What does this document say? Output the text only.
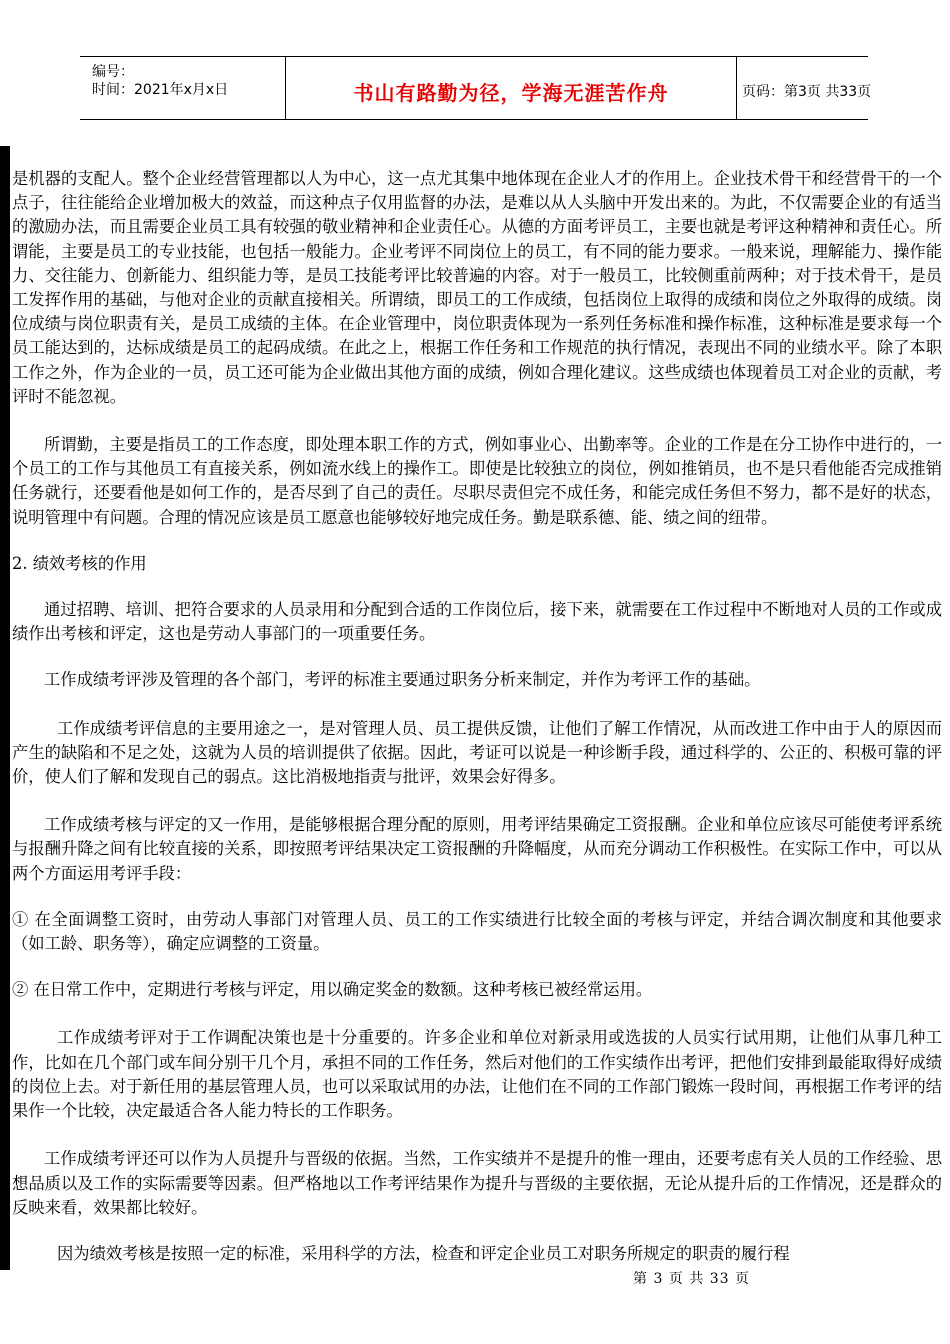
编号：
时间：2021年x月x日	书山有路勤为径，学海无涯苦作舟	页码：第3页 共33页

是机器的支配人。整个企业经营管理都以人为中心，这一点尤其集中地体现在企业人才的作用上。企业技术骨干和经营骨干的一个点子，往往能给企业增加极大的效益，而这种点子仅用监督的办法，是难以从人头脑中开发出来的。为此，不仅需要企业的有适当的激励办法，而且需要企业员工具有较强的敬业精神和企业责任心。从德的方面考评员工，主要也就是考评这种精神和责任心。所谓能，主要是员工的专业技能，也包括一般能力。企业考评不同岗位上的员工，有不同的能力要求。一般来说，理解能力、操作能力、交往能力、创新能力、组织能力等，是员工技能考评比较普遍的内容。对于一般员工，比较侧重前两种；对于技术骨干，是员工发挥作用的基础，与他对企业的贡献直接相关。所谓绩，即员工的工作成绩，包括岗位上取得的成绩和岗位之外取得的成绩。岗位成绩与岗位职责有关，是员工成绩的主体。在企业管理中，岗位职责体现为一系列任务标准和操作标准，这种标准是要求每一个员工能达到的，达标成绩是员工的起码成绩。在此之上，根据工作任务和工作规范的执行情况，表现出不同的业绩水平。除了本职工作之外，作为企业的一员，员工还可能为企业做出其他方面的成绩，例如合理化建议。这些成绩也体现着员工对企业的贡献，考评时不能忽视。

所谓勤，主要是指员工的工作态度，即处理本职工作的方式，例如事业心、出勤率等。企业的工作是在分工协作中进行的，一个员工的工作与其他员工有直接关系，例如流水线上的操作工。即使是比较独立的岗位，例如推销员，也不是只看他能否完成推销任务就行，还要看他是如何工作的，是否尽到了自己的责任。尽职尽责但完不成任务，和能完成任务但不努力，都不是好的状态，说明管理中有问题。合理的情况应该是员工愿意也能够较好地完成任务。勤是联系德、能、绩之间的纽带。

2. 绩效考核的作用

通过招聘、培训、把符合要求的人员录用和分配到合适的工作岗位后，接下来，就需要在工作过程中不断地对人员的工作或成绩作出考核和评定，这也是劳动人事部门的一项重要任务。

工作成绩考评涉及管理的各个部门，考评的标准主要通过职务分析来制定，并作为考评工作的基础。

工作成绩考评信息的主要用途之一，是对管理人员、员工提供反馈，让他们了解工作情况，从而改进工作中由于人的原因而产生的缺陷和不足之处，这就为人员的培训提供了依据。因此，考证可以说是一种诊断手段，通过科学的、公正的、积极可靠的评价，使人们了解和发现自己的弱点。这比消极地指责与批评，效果会好得多。

工作成绩考核与评定的又一作用，是能够根据合理分配的原则，用考评结果确定工资报酬。企业和单位应该尽可能使考评系统与报酬升降之间有比较直接的关系，即按照考评结果决定工资报酬的升降幅度，从而充分调动工作积极性。在实际工作中，可以从两个方面运用考评手段：

① 在全面调整工资时，由劳动人事部门对管理人员、员工的工作实绩进行比较全面的考核与评定，并结合调次制度和其他要求（如工龄、职务等），确定应调整的工资量。

② 在日常工作中，定期进行考核与评定，用以确定奖金的数额。这种考核已被经常运用。

工作成绩考评对于工作调配决策也是十分重要的。许多企业和单位对新录用或选拔的人员实行试用期，让他们从事几种工作，比如在几个部门或车间分别干几个月，承担不同的工作任务，然后对他们的工作实绩作出考评，把他们安排到最能取得好成绩的岗位上去。对于新任用的基层管理人员，也可以采取试用的办法，让他们在不同的工作部门锻炼一段时间，再根据工作考评的结果作一个比较，决定最适合各人能力特长的工作职务。

工作成绩考评还可以作为人员提升与晋级的依据。当然，工作实绩并不是提升的惟一理由，还要考虑有关人员的工作经验、思想品质以及工作的实际需要等因素。但严格地以工作考评结果作为提升与晋级的主要依据，无论从提升后的工作情况，还是群众的反映来看，效果都比较好。

因为绩效考核是按照一定的标准，采用科学的方法，检查和评定企业员工对职务所规定的职责的履行程

第 3 页 共 33 页
